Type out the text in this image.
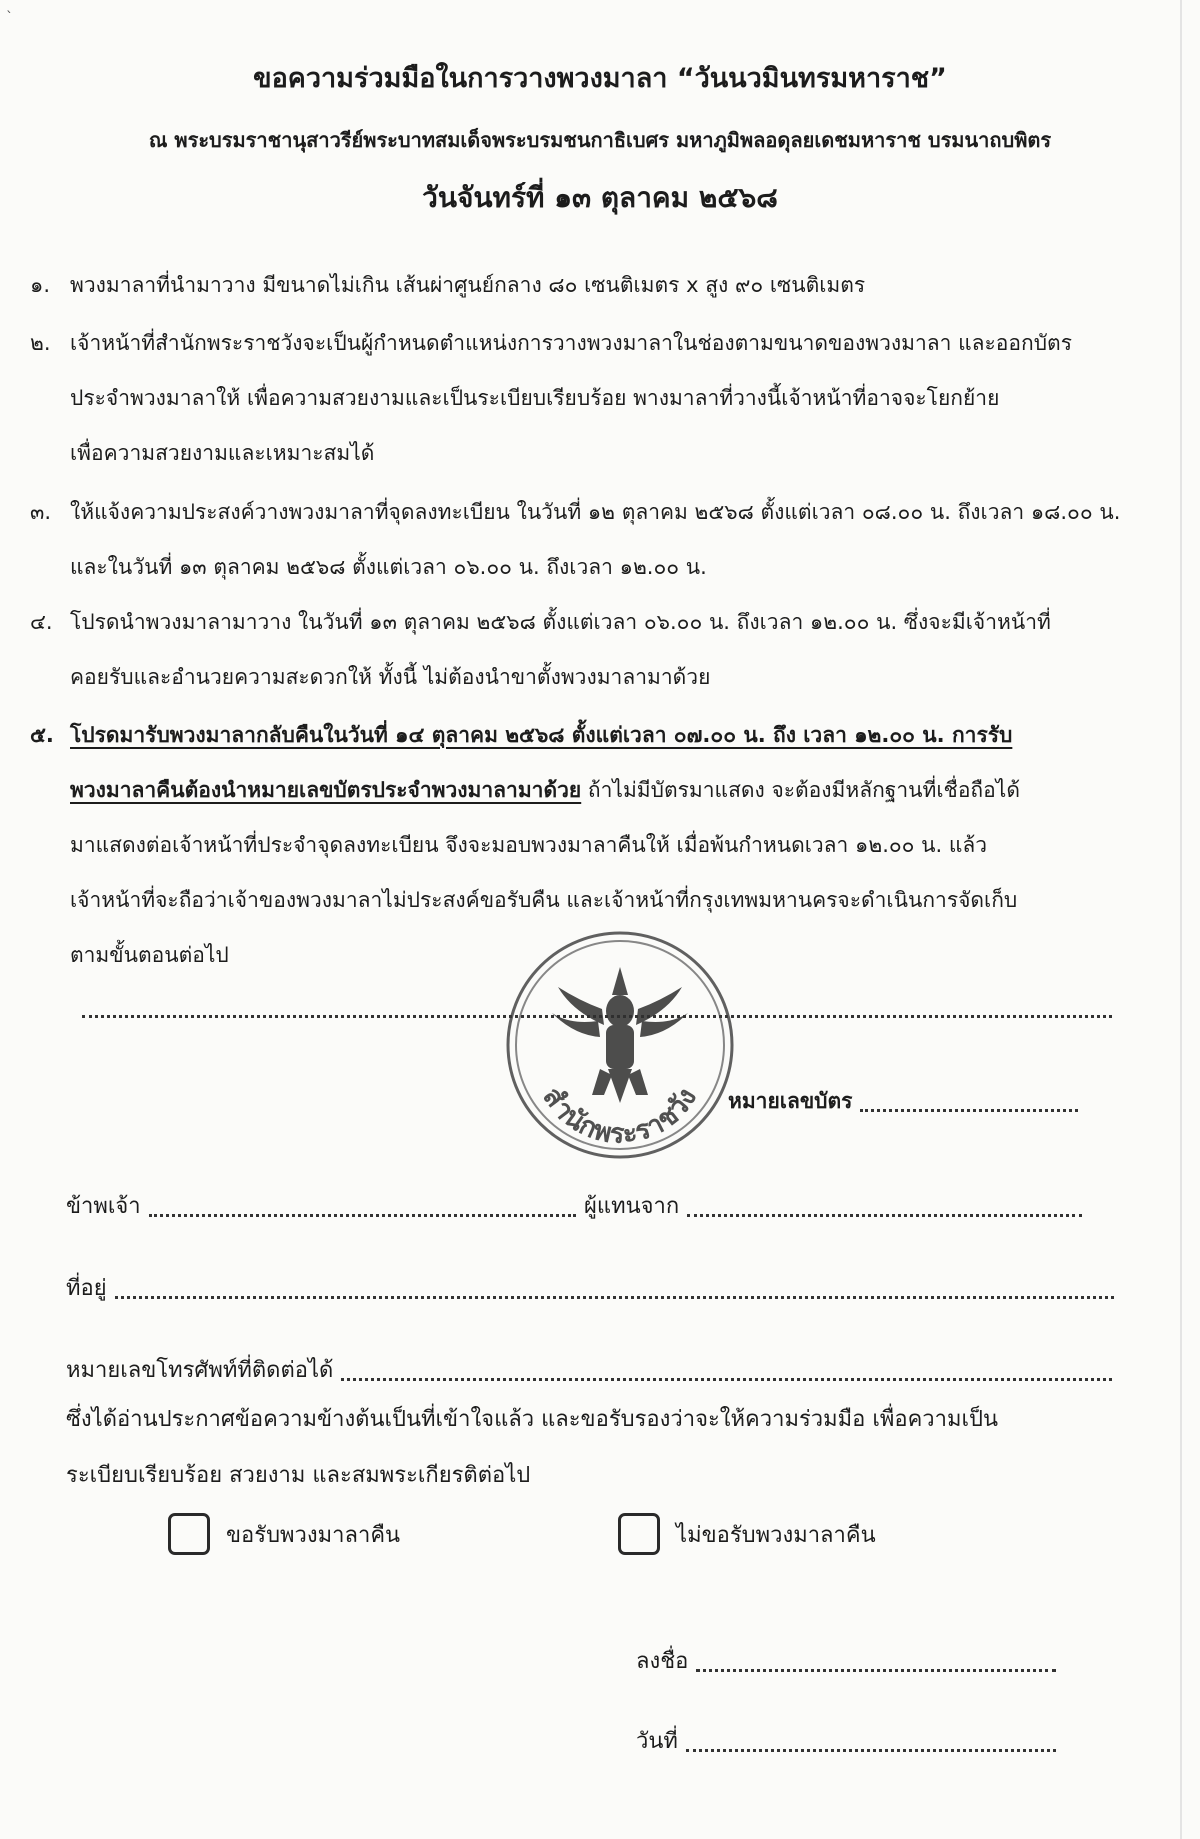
`
ขอความร่วมมือในการวางพวงมาลา “วันนวมินทรมหาราช”
ณ พระบรมราชานุสาวรีย์พระบาทสมเด็จพระบรมชนกาธิเบศร มหาภูมิพลอดุลยเดชมหาราช บรมนาถบพิตร
วันจันทร์ที่ ๑๓ ตุลาคม ๒๕๖๘
๑. พวงมาลาที่นำมาวาง มีขนาดไม่เกิน เส้นผ่าศูนย์กลาง ๘๐ เซนติเมตร x สูง ๙๐ เซนติเมตร
๒. เจ้าหน้าที่สำนักพระราชวังจะเป็นผู้กำหนดตำแหน่งการวางพวงมาลาในช่องตามขนาดของพวงมาลา และออกบัตร
ประจำพวงมาลาให้ เพื่อความสวยงามและเป็นระเบียบเรียบร้อย พางมาลาที่วางนี้เจ้าหน้าที่อาจจะโยกย้าย
เพื่อความสวยงามและเหมาะสมได้
๓. ให้แจ้งความประสงค์วางพวงมาลาที่จุดลงทะเบียน ในวันที่ ๑๒ ตุลาคม ๒๕๖๘ ตั้งแต่เวลา ๐๘.๐๐ น. ถึงเวลา ๑๘.๐๐ น.
และในวันที่ ๑๓ ตุลาคม ๒๕๖๘ ตั้งแต่เวลา ๐๖.๐๐ น. ถึงเวลา ๑๒.๐๐ น.
๔. โปรดนำพวงมาลามาวาง ในวันที่ ๑๓ ตุลาคม ๒๕๖๘ ตั้งแต่เวลา ๐๖.๐๐ น. ถึงเวลา ๑๒.๐๐ น. ซึ่งจะมีเจ้าหน้าที่
คอยรับและอำนวยความสะดวกให้ ทั้งนี้ ไม่ต้องนำขาตั้งพวงมาลามาด้วย
๕. โปรดมารับพวงมาลากลับคืนในวันที่ ๑๔ ตุลาคม ๒๕๖๘ ตั้งแต่เวลา ๐๗.๐๐ น. ถึง เวลา ๑๒.๐๐ น. การรับ
พวงมาลาคืนต้องนำหมายเลขบัตรประจำพวงมาลามาด้วย ถ้าไม่มีบัตรมาแสดง จะต้องมีหลักฐานที่เชื่อถือได้
มาแสดงต่อเจ้าหน้าที่ประจำจุดลงทะเบียน จึงจะมอบพวงมาลาคืนให้ เมื่อพ้นกำหนดเวลา ๑๒.๐๐ น. แล้ว
เจ้าหน้าที่จะถือว่าเจ้าของพวงมาลาไม่ประสงค์ขอรับคืน และเจ้าหน้าที่กรุงเทพมหานครจะดำเนินการจัดเก็บ
ตามขั้นตอนต่อไป
สำนักพระราชวัง หมายเลขบัตร
ข้าพเจ้า	ผู้แทนจาก
ที่อยู่
หมายเลขโทรศัพท์ที่ติดต่อได้
ซึ่งได้อ่านประกาศข้อความข้างต้นเป็นที่เข้าใจแล้ว และขอรับรองว่าจะให้ความร่วมมือ เพื่อความเป็น
ระเบียบเรียบร้อย สวยงาม และสมพระเกียรติต่อไป
ขอรับพวงมาลาคืน	ไม่ขอรับพวงมาลาคืน
ลงชื่อ
วันที่
